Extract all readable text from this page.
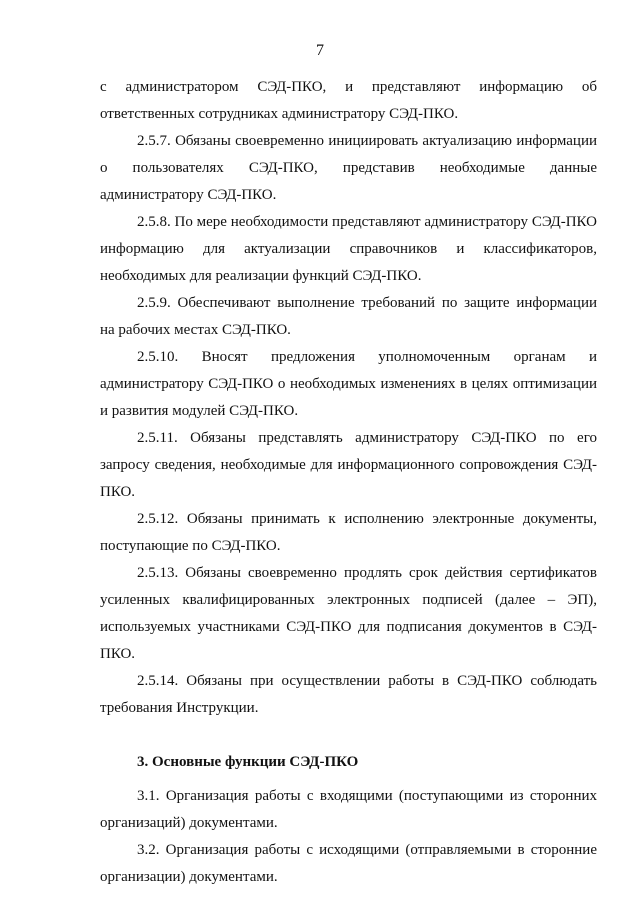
7

с администратором СЭД-ПКО, и представляют информацию об ответственных сотрудниках администратору СЭД-ПКО.

2.5.7. Обязаны своевременно инициировать актуализацию информации о пользователях СЭД-ПКО, представив необходимые данные администратору СЭД-ПКО.

2.5.8. По мере необходимости представляют администратору СЭД-ПКО информацию для актуализации справочников и классификаторов, необходимых для реализации функций СЭД-ПКО.

2.5.9. Обеспечивают выполнение требований по защите информации на рабочих местах СЭД-ПКО.

2.5.10. Вносят предложения уполномоченным органам и администратору СЭД-ПКО о необходимых изменениях в целях оптимизации и развития модулей СЭД-ПКО.

2.5.11. Обязаны представлять администратору СЭД-ПКО по его запросу сведения, необходимые для информационного сопровождения СЭД-ПКО.

2.5.12. Обязаны принимать к исполнению электронные документы, поступающие по СЭД-ПКО.

2.5.13. Обязаны своевременно продлять срок действия сертификатов усиленных квалифицированных электронных подписей (далее – ЭП), используемых участниками СЭД-ПКО для подписания документов в СЭД-ПКО.

2.5.14. Обязаны при осуществлении работы в СЭД-ПКО соблюдать требования Инструкции.

3. Основные функции СЭД-ПКО

3.1. Организация работы с входящими (поступающими из сторонних организаций) документами.

3.2. Организация работы с исходящими (отправляемыми в сторонние организации) документами.
